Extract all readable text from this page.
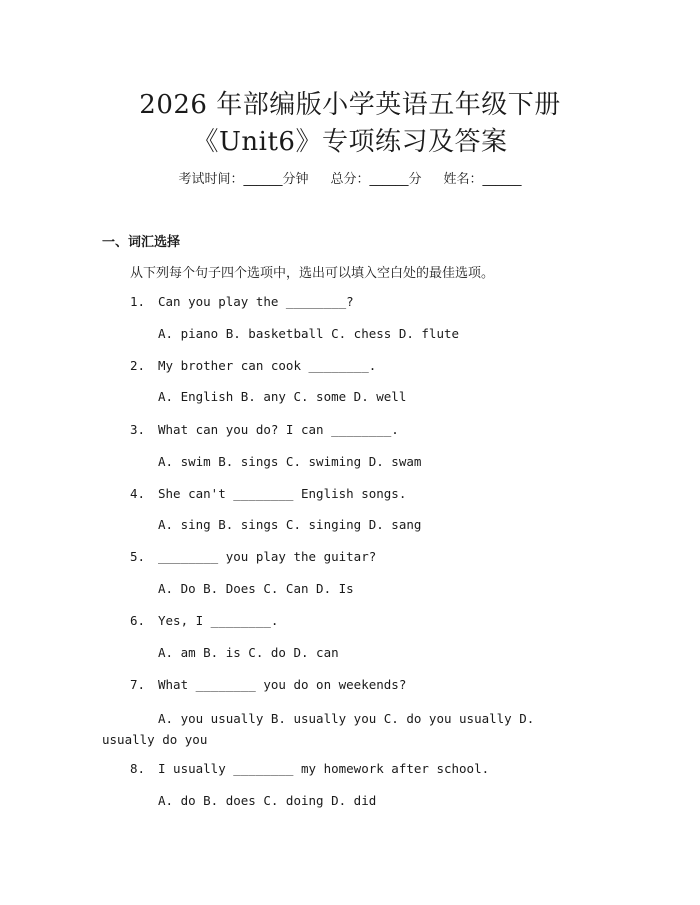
2026 年部编版小学英语五年级下册
《Unit6》专项练习及答案
考试时间：______分钟 总分：______分 姓名：______
一、词汇选择
从下列每个句子四个选项中，选出可以填入空白处的最佳选项。
1. Can you play the ________?
A. piano B. basketball C. chess D. flute
2. My brother can cook ________.
A. English B. any C. some D. well
3. What can you do? I can ________.
A. swim B. sings C. swiming D. swam
4. She can't ________ English songs.
A. sing B. sings C. singing D. sang
5. ________ you play the guitar?
A. Do B. Does C. Can D. Is
6. Yes, I ________.
A. am B. is C. do D. can
7. What ________ you do on weekends?
A. you usually B. usually you C. do you usually D. usually do you
8. I usually ________ my homework after school.
A. do B. does C. doing D. did
